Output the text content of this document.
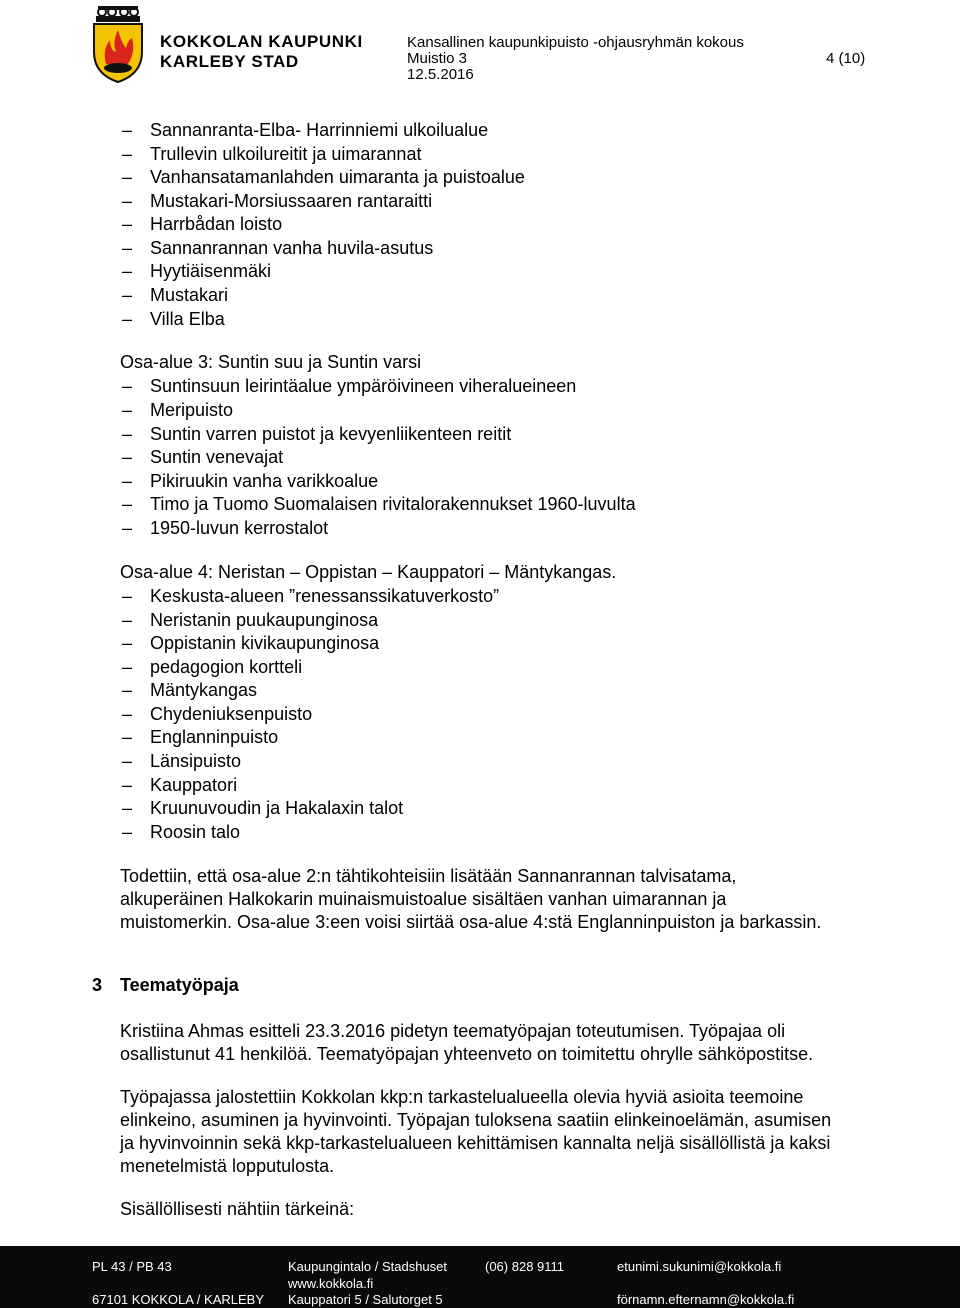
KOKKOLAN KAUPUNKI
KARLEBY STAD
Kansallinen kaupunkipuisto -ohjausryhmän kokous
Muistio 3
12.5.2016
4 (10)
– Sannanranta-Elba- Harrinniemi ulkoilualue
– Trullevin ulkoilureitit ja uimarannat
– Vanhansatamanlahden uimaranta ja puistoalue
– Mustakari-Morsiussaaren rantaraitti
– Harrbådan loisto
– Sannanrannan vanha huvila-asutus
– Hyytiäisenmäki
– Mustakari
– Villa Elba
Osa-alue 3: Suntin suu ja Suntin varsi
– Suntinsuun leirintäalue ympäröivineen viheralueineen
– Meripuisto
– Suntin varren puistot ja kevyenliikenteen reitit
– Suntin venevajat
– Pikiruukin vanha varikkoalue
– Timo ja Tuomo Suomalaisen rivitalorakennukset 1960-luvulta
– 1950-luvun kerrostalot
Osa-alue 4: Neristan – Oppistan – Kauppatori – Mäntykangas.
– Keskusta-alueen ”renessanssikatuverkosto”
– Neristanin puukaupunginosa
– Oppistanin kivikaupunginosa
– pedagogion kortteli
– Mäntykangas
– Chydeniuksenpuisto
– Englanninpuisto
– Länsipuisto
– Kauppatori
– Kruunuvoudin ja Hakalaxin talot
– Roosin talo
Todettiin, että osa-alue 2:n tähtikohteisiin lisätään Sannanrannan talvisatama,
alkuperäinen Halkokarin muinaismuistoalue sisältäen vanhan uimarannan ja
muistomerkin. Osa-alue 3:een voisi siirtää osa-alue 4:stä Englanninpuiston ja barkassin.
3 Teematyöpaja
Kristiina Ahmas esitteli 23.3.2016 pidetyn teematyöpajan toteutumisen. Työpajaa oli
osallistunut 41 henkilöä. Teematyöpajan yhteenveto on toimitettu ohrylle sähköpostitse.
Työpajassa jalostettiin Kokkolan kkp:n tarkastelualueella olevia hyviä asioita teemoine
elinkeino, asuminen ja hyvinvointi. Työpajan tuloksena saatiin elinkeinoelämän, asumisen
ja hyvinvoinnin sekä kkp-tarkastelualueen kehittämisen kannalta neljä sisällöllistä ja kaksi
menetelmistä lopputulosta.
Sisällöllisesti nähtiin tärkeinä:
PL 43 / PB 43
67101 KOKKOLA / KARLEBY
Kaupungintalo / Stadshuset
www.kokkola.fi
Kauppatori 5 / Salutorget 5
(06) 828 9111	etunimi.sukunimi@kokkola.fi
förnamn.efternamn@kokkola.fi
